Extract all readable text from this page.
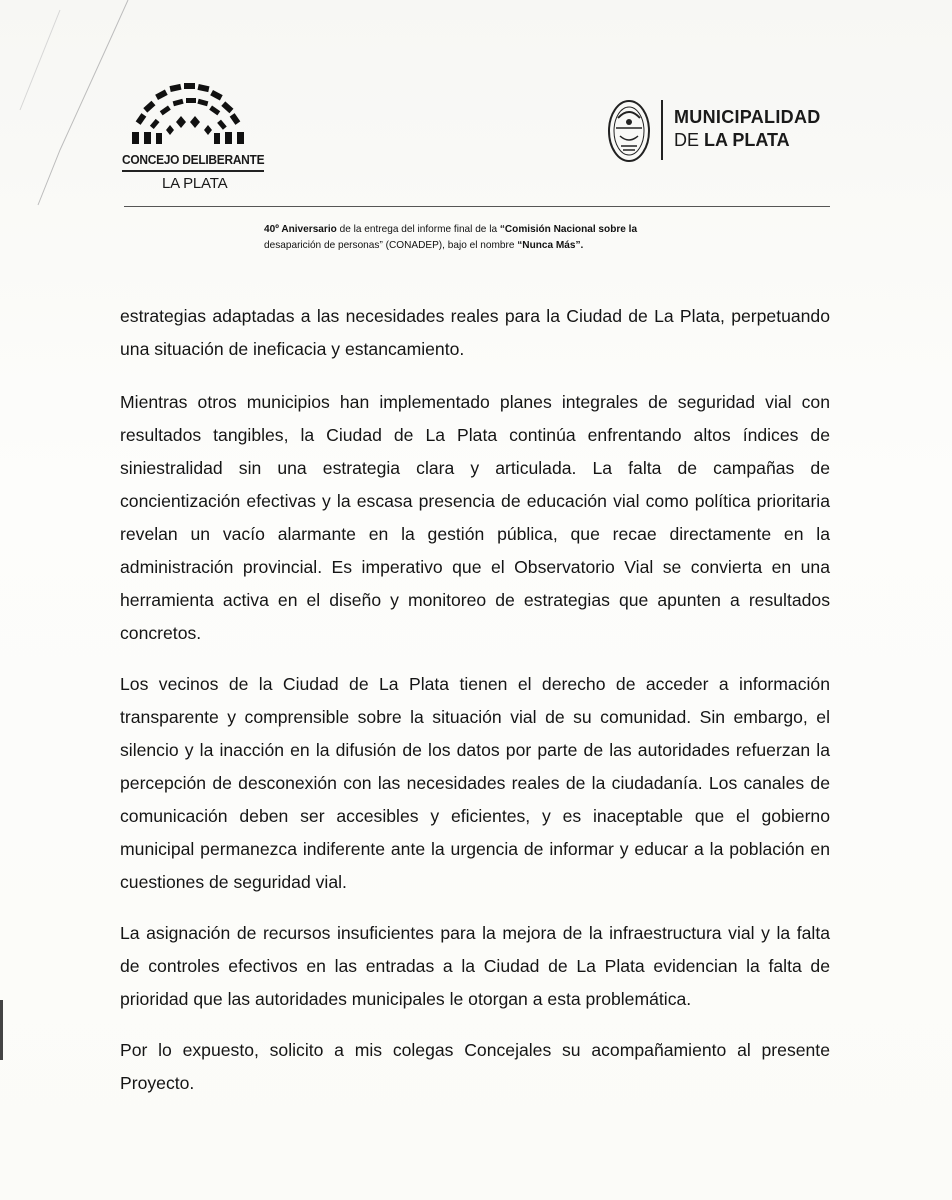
CONCEJO DELIBERANTE
LA PLATA
MUNICIPALIDAD
DE LA PLATA
40º Aniversario de la entrega del informe final de la “Comisión Nacional sobre la
desaparición de personas” (CONADEP), bajo el nombre “Nunca Más”.

estrategias adaptadas a las necesidades reales para la Ciudad de La Plata, perpetuando una situación de ineficacia y estancamiento.

Mientras otros municipios han implementado planes integrales de seguridad vial con resultados tangibles, la Ciudad de La Plata continúa enfrentando altos índices de siniestralidad sin una estrategia clara y articulada. La falta de campañas de concientización efectivas y la escasa presencia de educación vial como política prioritaria revelan un vacío alarmante en la gestión pública, que recae directamente en la administración provincial. Es imperativo que el Observatorio Vial se convierta en una herramienta activa en el diseño y monitoreo de estrategias que apunten a resultados concretos.

Los vecinos de la Ciudad de La Plata tienen el derecho de acceder a información transparente y comprensible sobre la situación vial de su comunidad. Sin embargo, el silencio y la inacción en la difusión de los datos por parte de las autoridades refuerzan la percepción de desconexión con las necesidades reales de la ciudadanía. Los canales de comunicación deben ser accesibles y eficientes, y es inaceptable que el gobierno municipal permanezca indiferente ante la urgencia de informar y educar a la población en cuestiones de seguridad vial.

La asignación de recursos insuficientes para la mejora de la infraestructura vial y la falta de controles efectivos en las entradas a la Ciudad de La Plata evidencian la falta de prioridad que las autoridades municipales le otorgan a esta problemática.

Por lo expuesto, solicito a mis colegas Concejales su acompañamiento al presente Proyecto.
